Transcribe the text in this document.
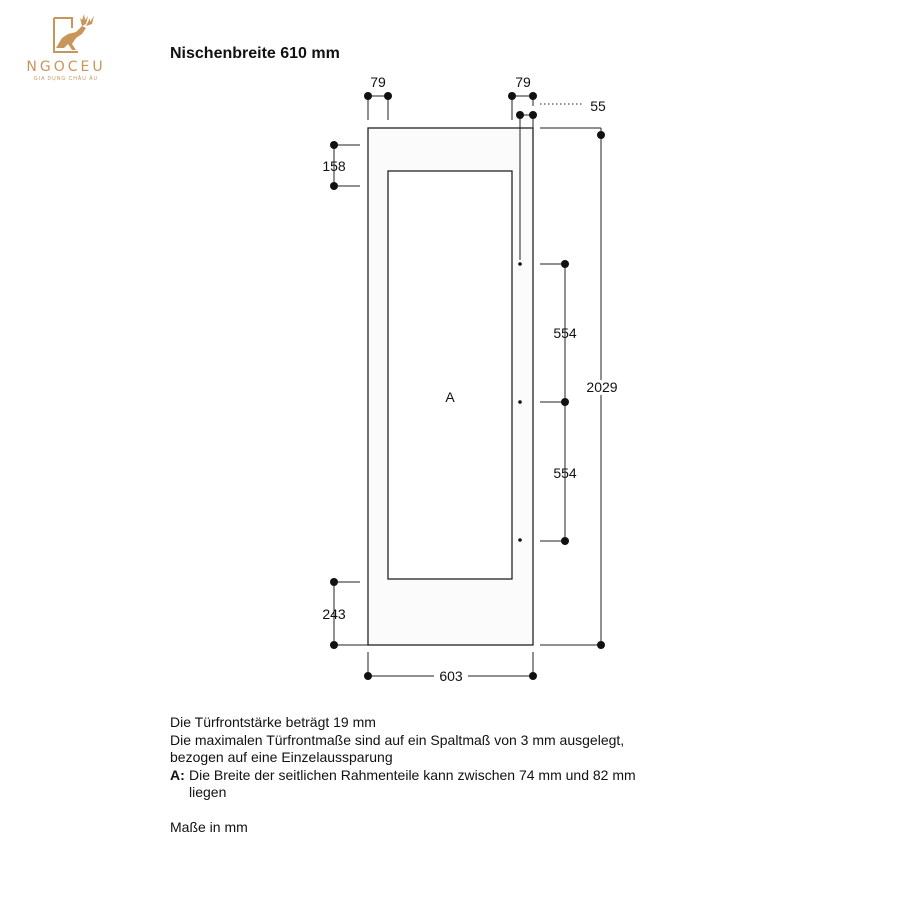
NGOCEU
GIA DỤNG CHÂU ÂU
Nischenbreite 610 mm
79	79
55
158
554
2029
554
243
603
A
Die Türfrontstärke beträgt 19 mm
Die maximalen Türfrontmaße sind auf ein Spaltmaß von 3 mm ausgelegt,
bezogen auf eine Einzelaussparung
A: Die Breite der seitlichen Rahmenteile kann zwischen 74 mm und 82 mm
liegen
Maße in mm
